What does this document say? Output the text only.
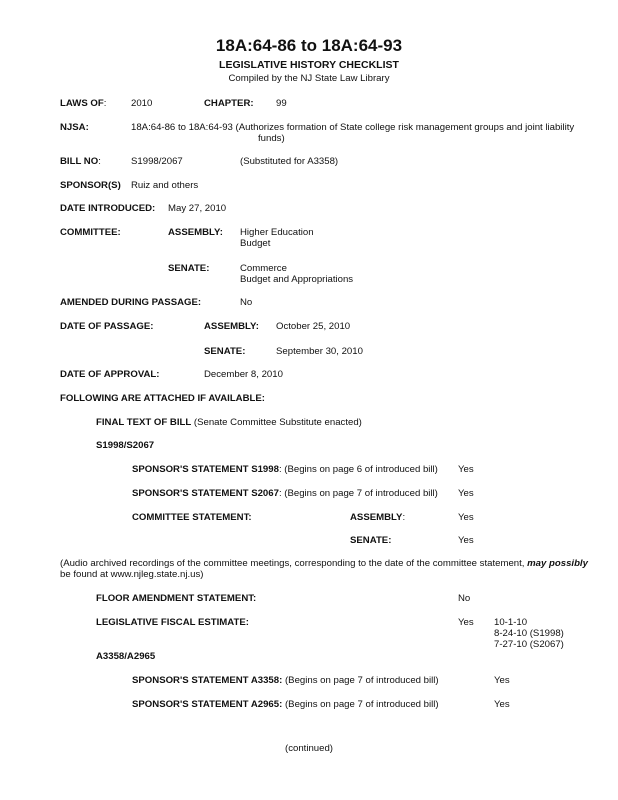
18A:64-86 to 18A:64-93
LEGISLATIVE HISTORY CHECKLIST
Compiled by the NJ State Law Library
LAWS OF:	2010	CHAPTER: 99
NJSA:	18A:64-86 to 18A:64-93 (Authorizes formation of State college risk management groups and joint liability
funds)
BILL NO:	S1998/2067	(Substituted for A3358)
SPONSOR(S) Ruiz and others
DATE INTRODUCED: May 27, 2010
COMMITTEE:	ASSEMBLY: Higher Education
Budget
SENATE:	Commerce
Budget and Appropriations
AMENDED DURING PASSAGE:	No
DATE OF PASSAGE:	ASSEMBLY: October 25, 2010
SENATE:	September 30, 2010
DATE OF APPROVAL:	December 8, 2010
FOLLOWING ARE ATTACHED IF AVAILABLE:
FINAL TEXT OF BILL (Senate Committee Substitute enacted)
S1998/S2067
SPONSOR'S STATEMENT S1998: (Begins on page 6 of introduced bill) Yes
SPONSOR'S STATEMENT S2067: (Begins on page 7 of introduced bill) Yes
COMMITTEE STATEMENT:	ASSEMBLY:	Yes
SENATE:	Yes
(Audio archived recordings of the committee meetings, corresponding to the date of the committee statement, may possibly
be found at www.njleg.state.nj.us)
FLOOR AMENDMENT STATEMENT:	No
LEGISLATIVE FISCAL ESTIMATE:	Yes 10-1-10
8-24-10 (S1998)
7-27-10 (S2067)
A3358/A2965
SPONSOR'S STATEMENT A3358: (Begins on page 7 of introduced bill)	Yes
SPONSOR'S STATEMENT A2965: (Begins on page 7 of introduced bill)	Yes
(continued)
